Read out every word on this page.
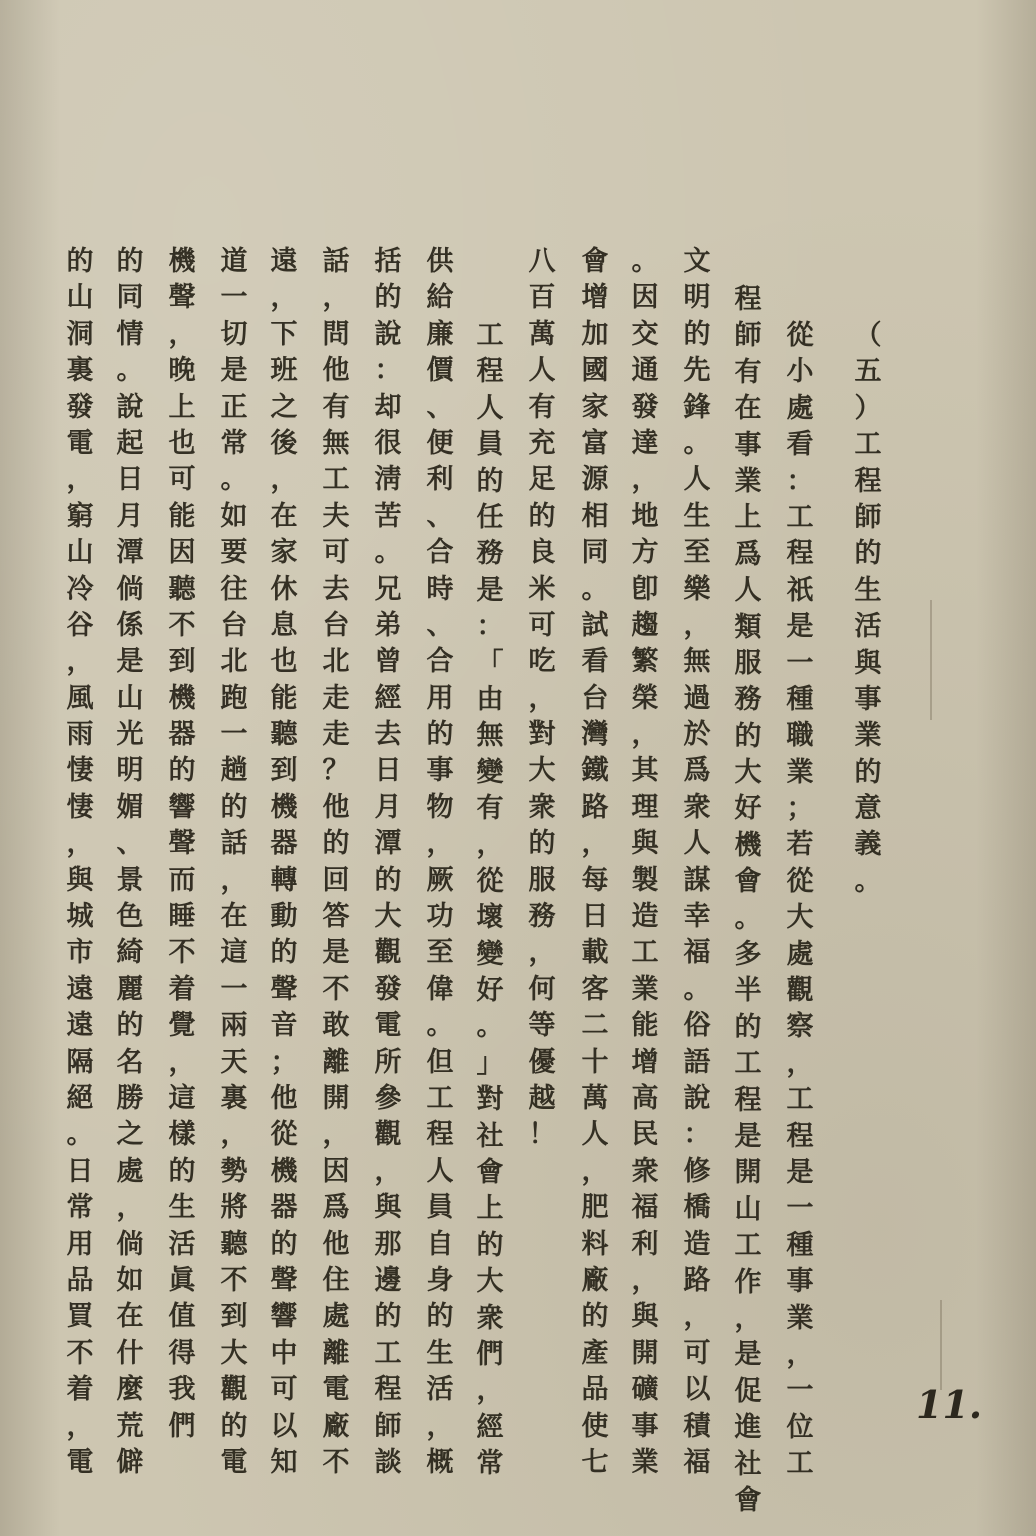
（
五
）
工
程
師
的
生
活
與
事
業
的
意
義
。
從
小
處
看
：
工
程
祇
是
一
種
職
業
；
若
從
大
處
觀
察
，
工
程
是
一
種
事
業
，
一
位
工
程
師
有
在
事
業
上
爲
人
類
服
務
的
大
好
機
會
。
多
半
的
工
程
是
開
山
工
作
，
是
促
進
社
會
文
明
的
先
鋒
。
人
生
至
樂
，
無
過
於
爲
衆
人
謀
幸
福
。
俗
語
說
：
修
橋
造
路
，
可
以
積
福
。
因
交
通
發
達
，
地
方
卽
趨
繁
榮
，
其
理
與
製
造
工
業
能
增
高
民
衆
福
利
，
與
開
礦
事
業
會
增
加
國
家
富
源
相
同
。
試
看
台
灣
鐵
路
，
每
日
載
客
二
十
萬
人
，
肥
料
廠
的
產
品
使
七
八
百
萬
人
有
充
足
的
良
米
可
吃
，
對
大
衆
的
服
務
，
何
等
優
越
！
工
程
人
員
的
任
務
是
：
「
由
無
變
有
，
從
壞
變
好
。
」
對
社
會
上
的
大
衆
們
，
經
常
供
給
廉
價
、
便
利
、
合
時
、
合
用
的
事
物
，
厥
功
至
偉
。
但
工
程
人
員
自
身
的
生
活
，
概
括
的
說
：
却
很
淸
苦
。
兄
弟
曾
經
去
日
月
潭
的
大
觀
發
電
所
參
觀
，
與
那
邊
的
工
程
師
談
話
，
問
他
有
無
工
夫
可
去
台
北
走
走
？
他
的
回
答
是
不
敢
離
開
，
因
爲
他
住
處
離
電
廠
不
遠
，
下
班
之
後
，
在
家
休
息
也
能
聽
到
機
器
轉
動
的
聲
音
；
他
從
機
器
的
聲
響
中
可
以
知
道
一
切
是
正
常
。
如
要
往
台
北
跑
一
趟
的
話
，
在
這
一
兩
天
裏
，
勢
將
聽
不
到
大
觀
的
電
機
聲
，
晚
上
也
可
能
因
聽
不
到
機
器
的
響
聲
而
睡
不
着
覺
，
這
樣
的
生
活
眞
值
得
我
們
的
同
情
。
說
起
日
月
潭
倘
係
是
山
光
明
媚
、
景
色
綺
麗
的
名
勝
之
處
，
倘
如
在
什
麼
荒
僻
的
山
洞
裏
發
電
，
窮
山
冷
谷
，
風
雨
悽
悽
，
與
城
市
遠
遠
隔
絕
。
日
常
用
品
買
不
着
，
電
11.
